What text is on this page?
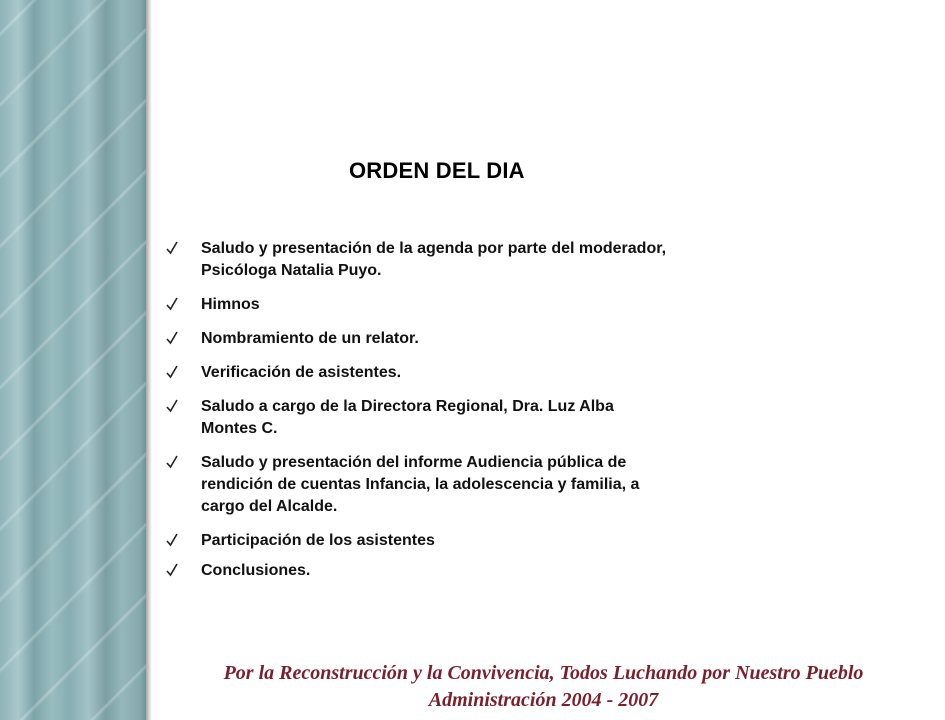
ORDEN DEL DIA
Saludo y presentación de la agenda por parte del moderador,
Psicóloga Natalia Puyo.
Himnos
Nombramiento de un relator.
Verificación de asistentes.
Saludo a cargo de la Directora Regional, Dra. Luz Alba
Montes C.
Saludo y presentación del informe Audiencia pública de
rendición de cuentas Infancia, la adolescencia y familia, a
cargo del Alcalde.
Participación de los asistentes
Conclusiones.
Por la Reconstrucción y la Convivencia, Todos Luchando por Nuestro Pueblo
Administración 2004 - 2007
